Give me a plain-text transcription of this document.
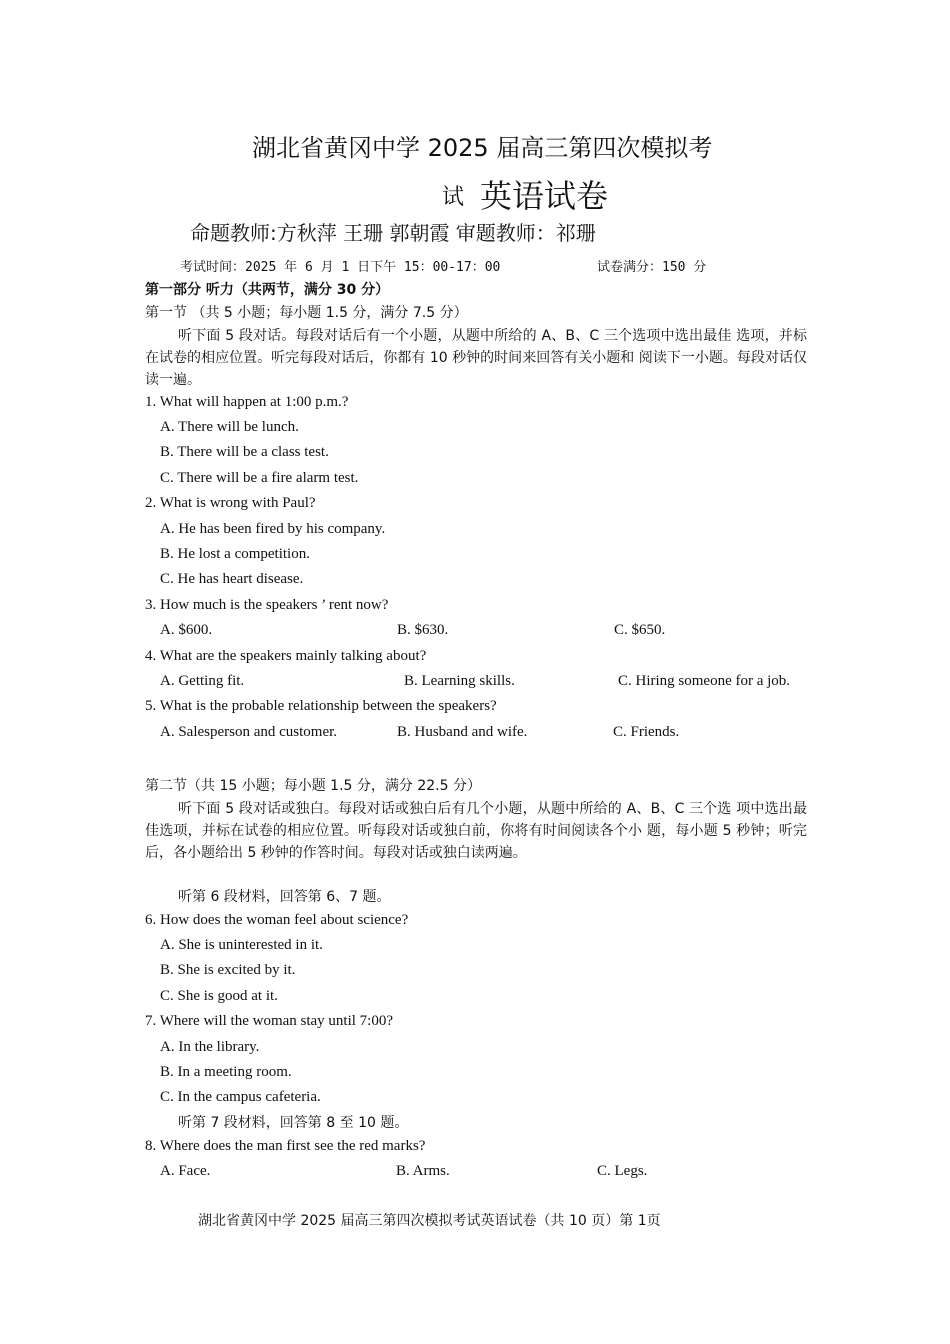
湖北省黄冈中学 2025 届高三第四次模拟考
试 英语试卷
命题教师:方秋萍 王珊 郭朝霞 审题教师：祁珊
考试时间：2025 年 6 月 1 日下午 15：00-17：00	试卷满分：150 分
第一部分 听力（共两节，满分 30 分）
第一节 （共 5 小题；每小题 1.5 分，满分 7.5 分）
听下面 5 段对话。每段对话后有一个小题，从题中所给的 A、B、C 三个选项中选出最佳 选项，并标在试卷的相应位置。听完每段对话后，你都有 10 秒钟的时间来回答有关小题和 阅读下一小题。每段对话仅读一遍。
1. What will happen at 1:00 p.m.?
A. There will be lunch.
B. There will be a class test.
C. There will be a fire alarm test.
2. What is wrong with Paul?
A. He has been fired by his company.
B. He lost a competition.
C. He has heart disease.
3. How much is the speakers ’ rent now?
A. $600.	B. $630.	C. $650.
4. What are the speakers mainly talking about?
A. Getting fit.	B. Learning skills.	C. Hiring someone for a job.
5. What is the probable relationship between the speakers?
A. Salesperson and customer.	B. Husband and wife.	C. Friends.
第二节（共 15 小题；每小题 1.5 分，满分 22.5 分）
听下面 5 段对话或独白。每段对话或独白后有几个小题，从题中所给的 A、B、C 三个选 项中选出最佳选项，并标在试卷的相应位置。听每段对话或独白前，你将有时间阅读各个小 题，每小题 5 秒钟；听完后，各小题给出 5 秒钟的作答时间。每段对话或独白读两遍。
听第 6 段材料，回答第 6、7 题。
6. How does the woman feel about science?
A. She is uninterested in it.
B. She is excited by it.
C. She is good at it.
7. Where will the woman stay until 7:00?
A. In the library.
B. In a meeting room.
C. In the campus cafeteria.
听第 7 段材料，回答第 8 至 10 题。
8. Where does the man first see the red marks?
A. Face.	B. Arms.	C. Legs.
湖北省黄冈中学 2025 届高三第四次模拟考试英语试卷（共 10 页）第 1页
